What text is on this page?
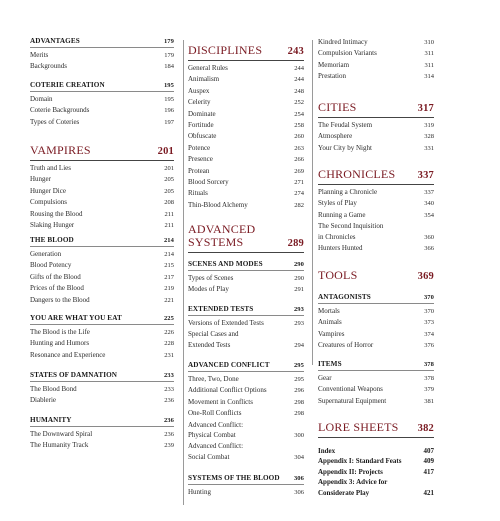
ADVANTAGES	179
Merits	179
Backgrounds	184
COTERIE CREATION	195
Domain	195
Coterie Backgrounds	196
Types of Coteries	197
VAMPIRES	201
Truth and Lies	201
Hunger	205
Hunger Dice	205
Compulsions	208
Rousing the Blood	211
Slaking Hunger	211
THE BLOOD	214
Generation	214
Blood Potency	215
Gifts of the Blood	217
Prices of the Blood	219
Dangers to the Blood	221
YOU ARE WHAT YOU EAT	225
The Blood is the Life	226
Hunting and Humors	228
Resonance and Experience	231
STATES OF DAMNATION	233
The Blood Bond	233
Diablerie	236
HUMANITY	236
The Downward Spiral	236
The Humanity Track	239
DISCIPLINES 243
General Rules	244
Animalism	244
Auspex	248
Celerity	252
Dominate	254
Fortitude	258
Obfuscate	260
Potence	263
Presence	266
Protean	269
Blood Sorcery	271
Rituals	274
Thin-Blood Alchemy	282
ADVANCED
SYSTEMS	289
SCENES AND MODES	290
Types of Scenes	290
Modes of Play	291
EXTENDED TESTS	293
Versions of Extended Tests	293
Special Cases and
Extended Tests	294
ADVANCED CONFLICT	295
Three, Two, Done	295
Additional Conflict Options	296
Movement in Conflicts	298
One-Roll Conflicts	298
Advanced Conflict:
Physical Combat	300
Advanced Conflict:
Social Combat	304
SYSTEMS OF THE BLOOD 306
Hunting	306
Kindred Intimacy	310
Compulsion Variants	311
Memoriam	311
Prestation	314
CITIES	317
The Feudal System	319
Atmosphere	328
Your City by Night	331
CHRONICLES 337
Planning a Chronicle	337
Styles of Play	340
Running a Game	354
The Second Inquisition
in Chronicles	360
Hunters Hunted	366
TOOLS	369
ANTAGONISTS	370
Mortals	370
Animals	373
Vampires	374
Creatures of Horror	376
ITEMS	378
Gear	378
Conventional Weapons	379
Supernatural Equipment	381
LORE SHEETS 382
Index	407
Appendix I: Standard Feats	409
Appendix II: Projects	417
Appendix 3: Advice for
Considerate Play	421
